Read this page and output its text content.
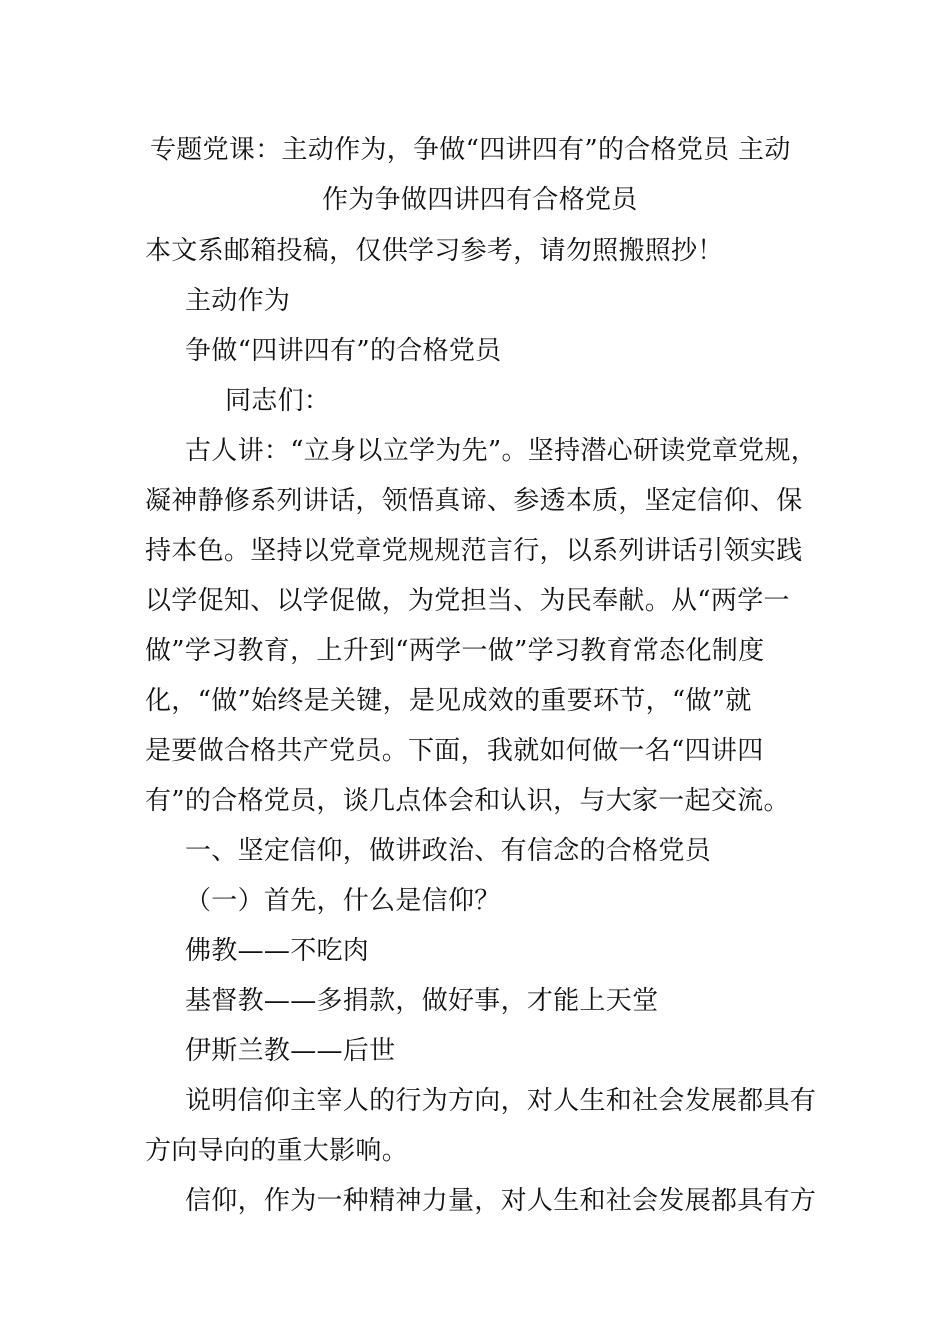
专题党课：主动作为，争做“四讲四有”的合格党员 主动
作为争做四讲四有合格党员
本文系邮箱投稿，仅供学习参考，请勿照搬照抄！
主动作为
争做“四讲四有”的合格党员
同志们：
古人讲：“立身以立学为先”。坚持潜心研读党章党规，
凝神静修系列讲话，领悟真谛、参透本质，坚定信仰、保
持本色。坚持以党章党规规范言行，以系列讲话引领实践
以学促知、以学促做，为党担当、为民奉献。从“两学一
做”学习教育，上升到“两学一做”学习教育常态化制度
化，“做”始终是关键，是见成效的重要环节，“做”就
是要做合格共产党员。下面，我就如何做一名“四讲四
有”的合格党员，谈几点体会和认识，与大家一起交流。
一、坚定信仰，做讲政治、有信念的合格党员
（一）首先，什么是信仰？
佛教——不吃肉
基督教——多捐款，做好事，才能上天堂
伊斯兰教——后世
说明信仰主宰人的行为方向，对人生和社会发展都具有
方向导向的重大影响。
信仰，作为一种精神力量，对人生和社会发展都具有方
